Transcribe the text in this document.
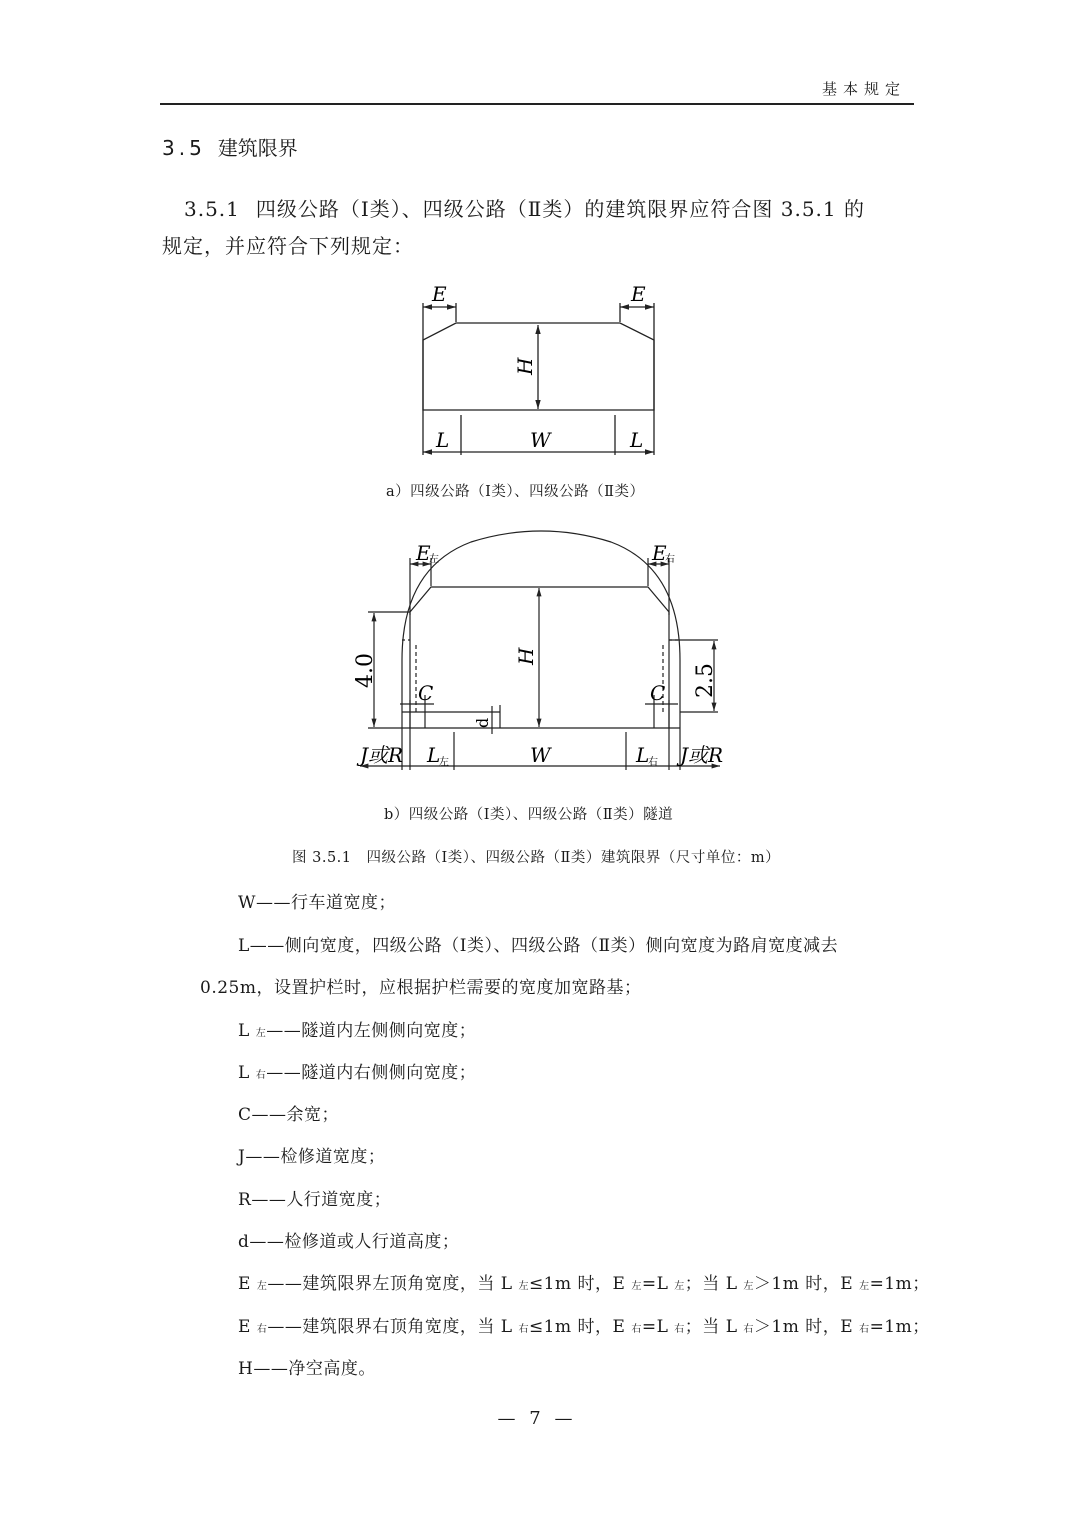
基本规定
3.5 建筑限界
3.5.1 四级公路（Ⅰ类）、四级公路（Ⅱ类）的建筑限界应符合图 3.5.1 的
规定，并应符合下列规定：
E	E
H
L	W	L
a）四级公路（Ⅰ类）、四级公路（Ⅱ类）
E
左	E
右
4.0	2.5
H
C	C
d
J或R L
左	W	L
右 J或R
b）四级公路（Ⅰ类）、四级公路（Ⅱ类）隧道
图 3.5.1　四级公路（Ⅰ类）、四级公路（Ⅱ类）建筑限界（尺寸单位：m）
W——行车道宽度；
L——侧向宽度，四级公路（Ⅰ类）、四级公路（Ⅱ类）侧向宽度为路肩宽度减去
0.25m，设置护栏时，应根据护栏需要的宽度加宽路基；
L 左——隧道内左侧侧向宽度；
L 右——隧道内右侧侧向宽度；
C——余宽；
J——检修道宽度；
R——人行道宽度；
d——检修道或人行道高度；
E 左——建筑限界左顶角宽度，当 L 左≤1m 时，E 左=L 左；当 L 左＞1m 时，E 左=1m；
E 右——建筑限界右顶角宽度，当 L 右≤1m 时，E 右=L 右；当 L 右＞1m 时，E 右=1m；
H——净空高度。
— 7 —
